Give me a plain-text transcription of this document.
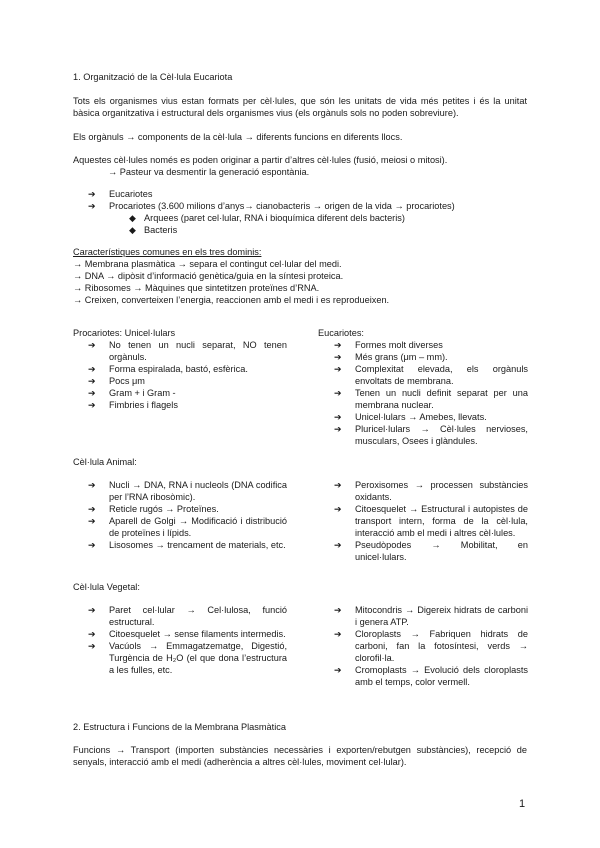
1. Organització de la Cèl·lula Eucariota

Tots els organismes vius estan formats per cèl·lules, que són les unitats de vida més petites i és la unitat bàsica organitzativa i estructural dels organismes vius (els orgànuls sols no poden sobreviure).

Els orgànuls → components de la cèl·lula → diferents funcions en diferents llocs.

Aquestes cèl·lules només es poden originar a partir d’altres cèl·lules (fusió, meiosi o mitosi).

→ Pasteur va desmentir la generació espontània.

➔ Eucariotes
➔ Procariotes (3.600 milions d’anys→ cianobacteris → origen de la vida → procariotes)
◆ Arquees (paret cel·lular, RNA i bioquímica diferent dels bacteris)
◆ Bacteris

Característiques comunes en els tres dominis:

→ Membrana plasmàtica → separa el contingut cel·lular del medi.

→ DNA → dipòsit d’informació genètica/guia en la síntesi proteica.

→ Ribosomes → Màquines que sintetitzen proteïnes d’RNA.

→ Creixen, converteixen l’energia, reaccionen amb el medi i es reprodueixen.

Procariotes: Unicel·lulars

➔ No tenen un nucli separat, NO tenen orgànuls.
➔ Forma espiralada, bastó, esfèrica.
➔ Pocs μm
➔ Gram + i Gram -
➔ Fimbries i flagels

Eucariotes:

➔ Formes molt diverses
➔ Més grans (μm – mm).
➔ Complexitat elevada, els orgànuls envoltats de membrana.
➔ Tenen un nucli definit separat per una membrana nuclear.
➔ Unicel·lulars → Amebes, llevats.
➔ Pluricel·lulars → Cèl·lules nervioses, musculars, Osees i glàndules.

Cèl·lula Animal:

➔ Nucli → DNA, RNA i nucleols (DNA codifica per l’RNA ribosòmic).
➔ Reticle rugós → Proteïnes.
➔ Aparell de Golgi → Modificació i distribució de proteïnes i lípids.
➔ Lisosomes → trencament de materials, etc.
➔ Peroxisomes → processen substàncies oxidants.
➔ Citoesquelet → Estructural i autopistes de transport intern, forma de la cèl·lula, interacció amb el medi i altres cèl·lules.
➔ Pseudòpodes → Mobilitat, en unicel·lulars.

Cèl·lula Vegetal:

➔ Paret cel·lular → Cel·lulosa, funció estructural.
➔ Citoesquelet → sense filaments intermedis.
➔ Vacúols → Emmagatzematge, Digestió, Turgència de H₂O (el que dona l’estructura a les fulles, etc.
➔ Mitocondris → Digereix hidrats de carboni i genera ATP.
➔ Cloroplasts → Fabriquen hidrats de carboni, fan la fotosíntesi, verds → clorofil·la.
➔ Cromoplasts → Evolució dels cloroplasts amb el temps, color vermell.

2. Estructura i Funcions de la Membrana Plasmàtica

Funcions → Transport (importen substàncies necessàries i exporten/rebutgen substàncies), recepció de senyals, interacció amb el medi (adherència a altres cèl·lules, moviment cel·lular).

1
